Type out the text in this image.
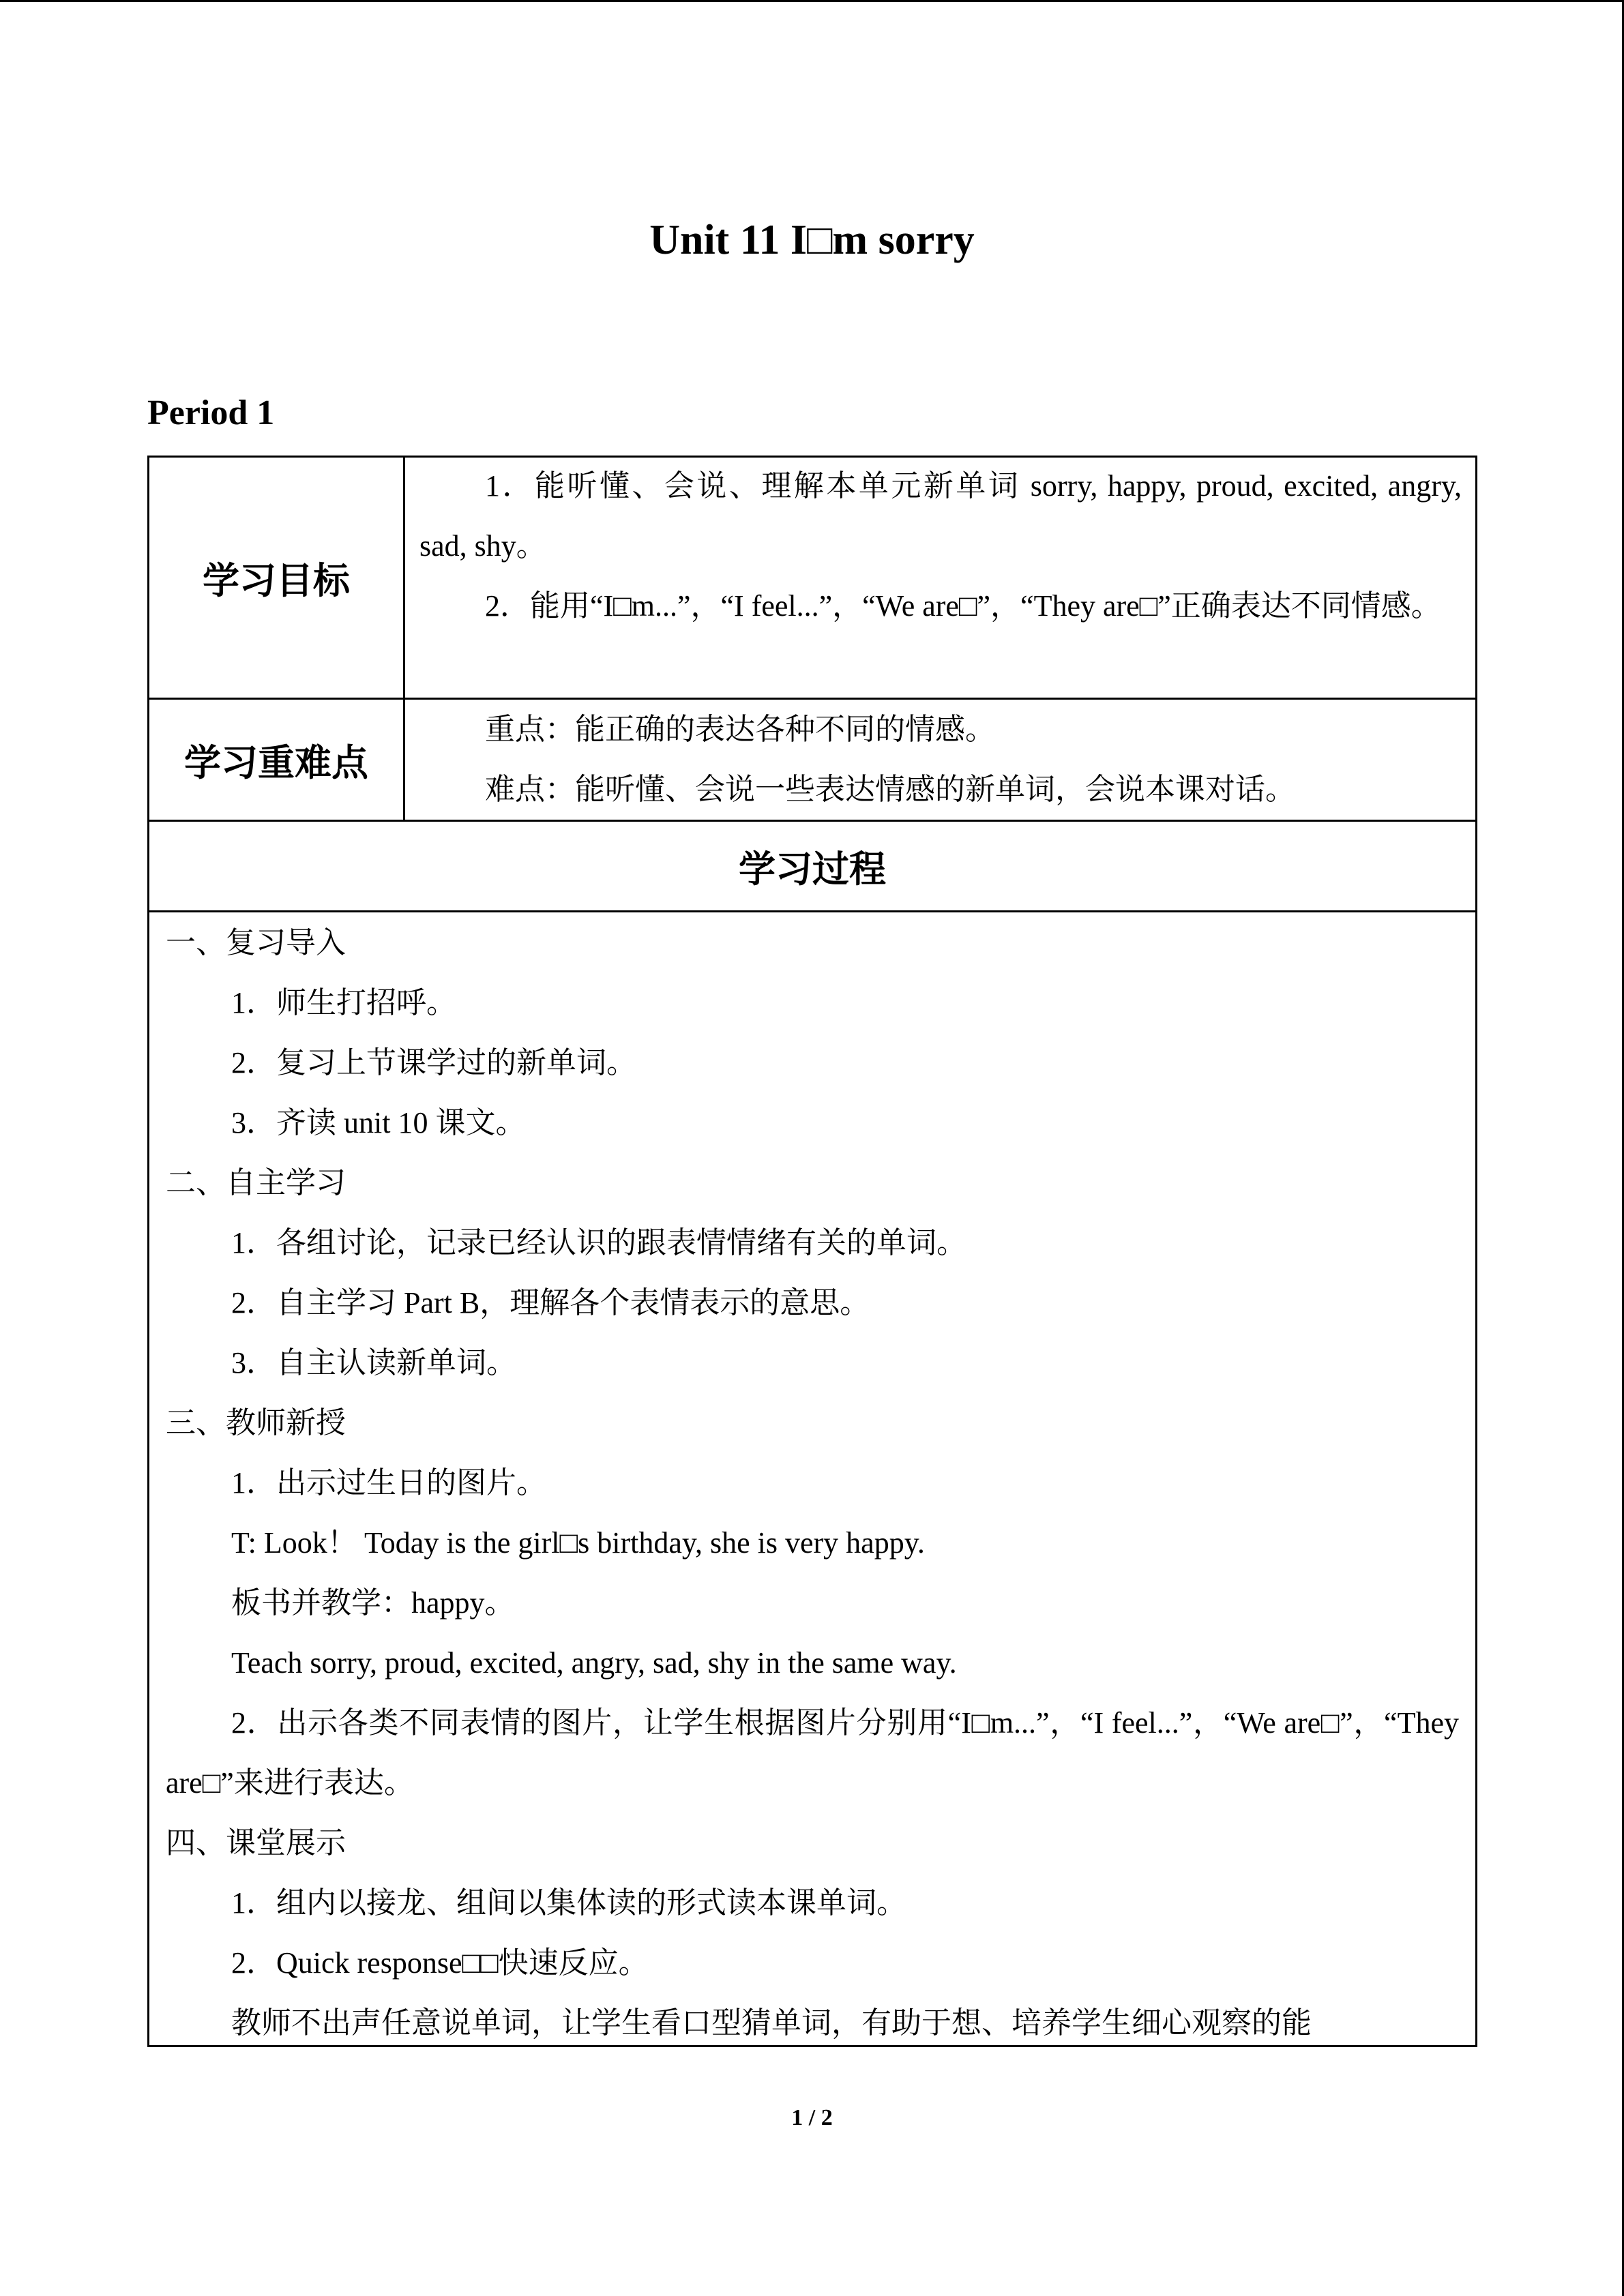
Unit 11 I□m sorry
Period 1
学习目标

1．能听懂、会说、理解本单元新单词 sorry, happy, proud, excited, angry, sad, shy。

2．能用“I□m...”，“I feel...”，“We are□”，“They are□”正确表达不同情感。

学习重难点

重点：能正确的表达各种不同的情感。

难点：能听懂、会说一些表达情感的新单词，会说本课对话。

学习过程

一、复习导入

1．师生打招呼。

2．复习上节课学过的新单词。

3．齐读 unit 10 课文。

二、自主学习

1．各组讨论，记录已经认识的跟表情情绪有关的单词。

2．自主学习 Part B，理解各个表情表示的意思。

3．自主认读新单词。

三、教师新授

1．出示过生日的图片。

T: Look！ Today is the girl□s birthday, she is very happy.

板书并教学：happy。

Teach sorry, proud, excited, angry, sad, shy in the same way.

2．出示各类不同表情的图片，让学生根据图片分别用“I□m...”，“I feel...”，“We are□”，“They are□”来进行表达。

四、课堂展示

1．组内以接龙、组间以集体读的形式读本课单词。

2．Quick response□□快速反应。

教师不出声任意说单词，让学生看口型猜单词，有助于想、培养学生细心观察的能

1 / 2
